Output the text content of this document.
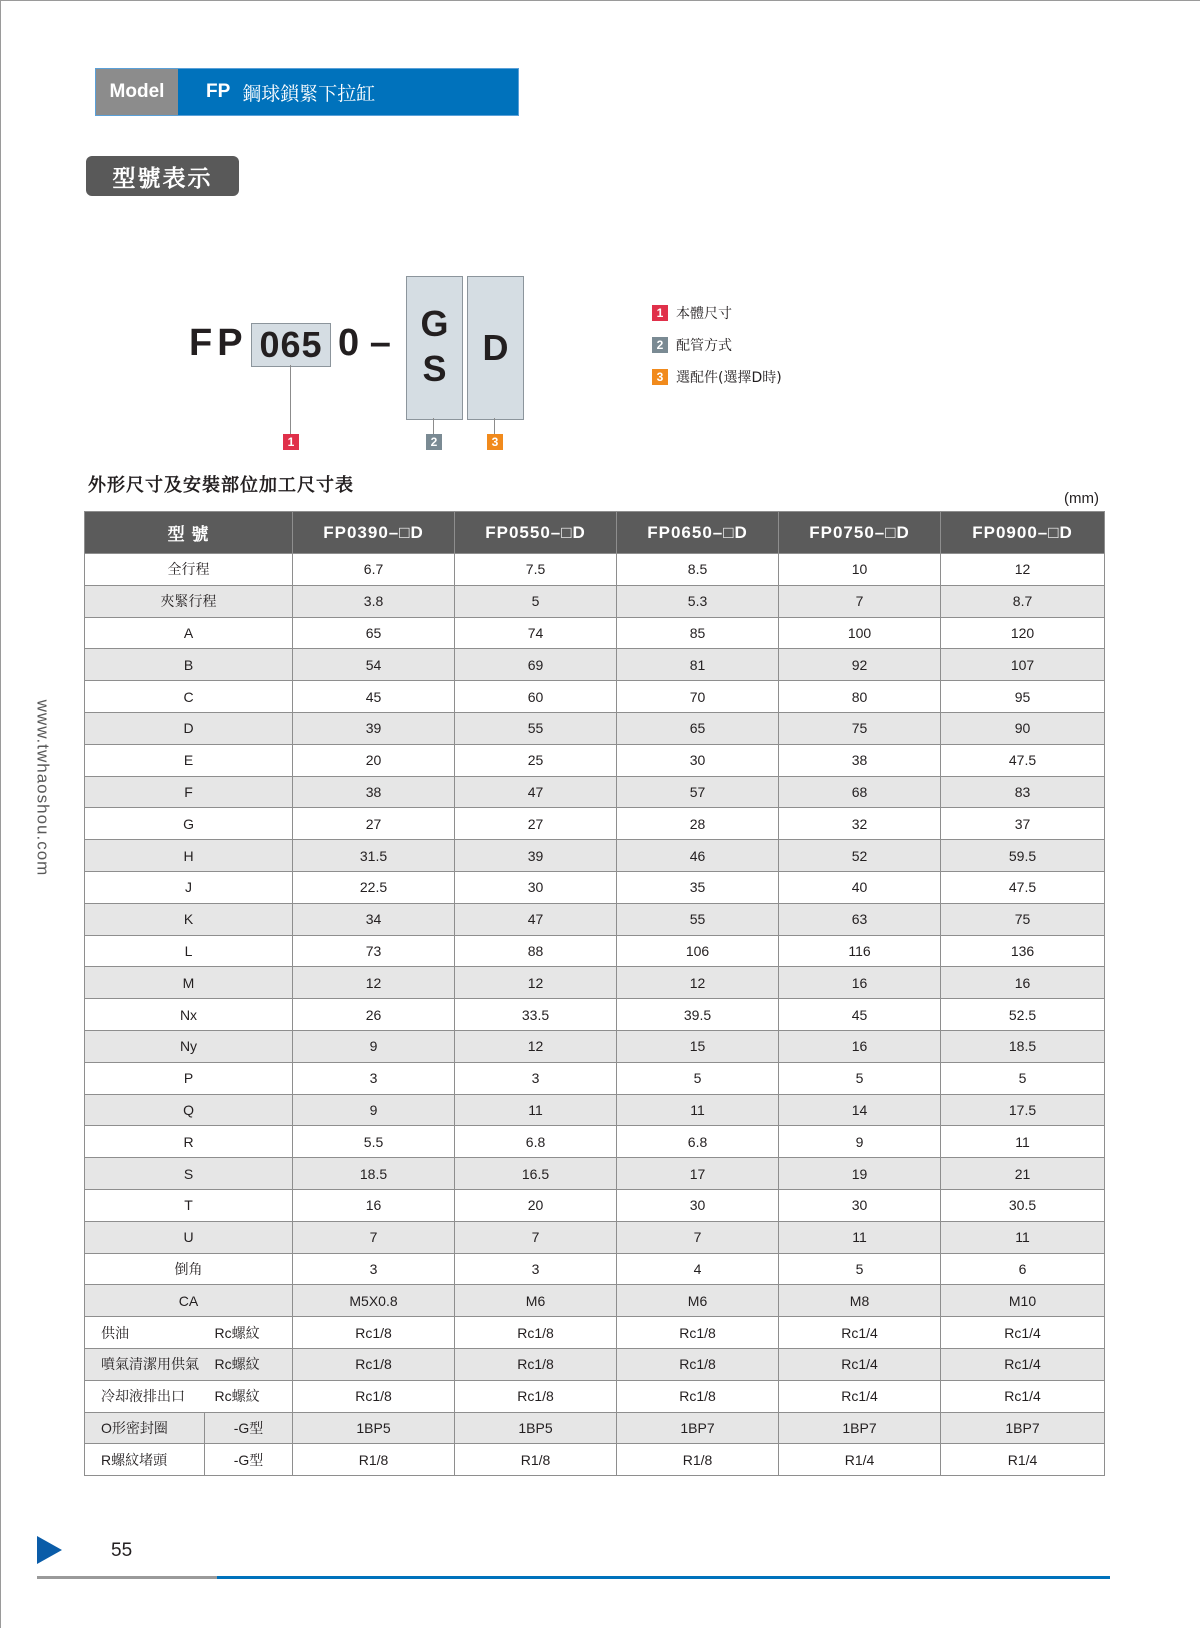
Model	FP 鋼球鎖緊下拉缸
型號表示
FP 065 0 – G
S
D
1	2	3
1 本體尺寸
2 配管方式
3 選配件(選擇D時)
外形尺寸及安裝部位加工尺寸表
(mm)
型 號		FP0390–□D	FP0550–□D	FP0650–□D	FP0750–□D	FP0900–□D
全行程		6.7	7.5	8.5	10	12
夾緊行程		3.8	5	5.3	7	8.7
A		65	74	85	100	120
B		54	69	81	92	107
C		45	60	70	80	95
D		39	55	65	75	90
E		20	25	30	38	47.5
F		38	47	57	68	83
G		27	27	28	32	37
H		31.5	39	46	52	59.5
J		22.5	30	35	40	47.5
K		34	47	55	63	75
L		73	88	106	116	136
M		12	12	12	16	16
Nx		26	33.5	39.5	45	52.5
Ny		9	12	15	16	18.5
P		3	3	5	5	5
Q		9	11	11	14	17.5
R		5.5	6.8	6.8	9	11
S		18.5	16.5	17	19	21
T		16	20	30	30	30.5
U		7	7	7	11	11
倒角		3	3	4	5	6
CA		M5X0.8	M6	M6	M8	M10
供油	Rc螺紋	Rc1/8	Rc1/8	Rc1/8	Rc1/4	Rc1/4
噴氣清潔用供氣	Rc螺紋	Rc1/8	Rc1/8	Rc1/8	Rc1/4	Rc1/4
冷却液排出口	Rc螺紋	Rc1/8	Rc1/8	Rc1/8	Rc1/4	Rc1/4
O形密封圈	-G型	1BP5	1BP5	1BP7	1BP7	1BP7
R螺紋堵頭	-G型	R1/8	R1/8	R1/8	R1/4	R1/4
www.twhaoshou.com
55
